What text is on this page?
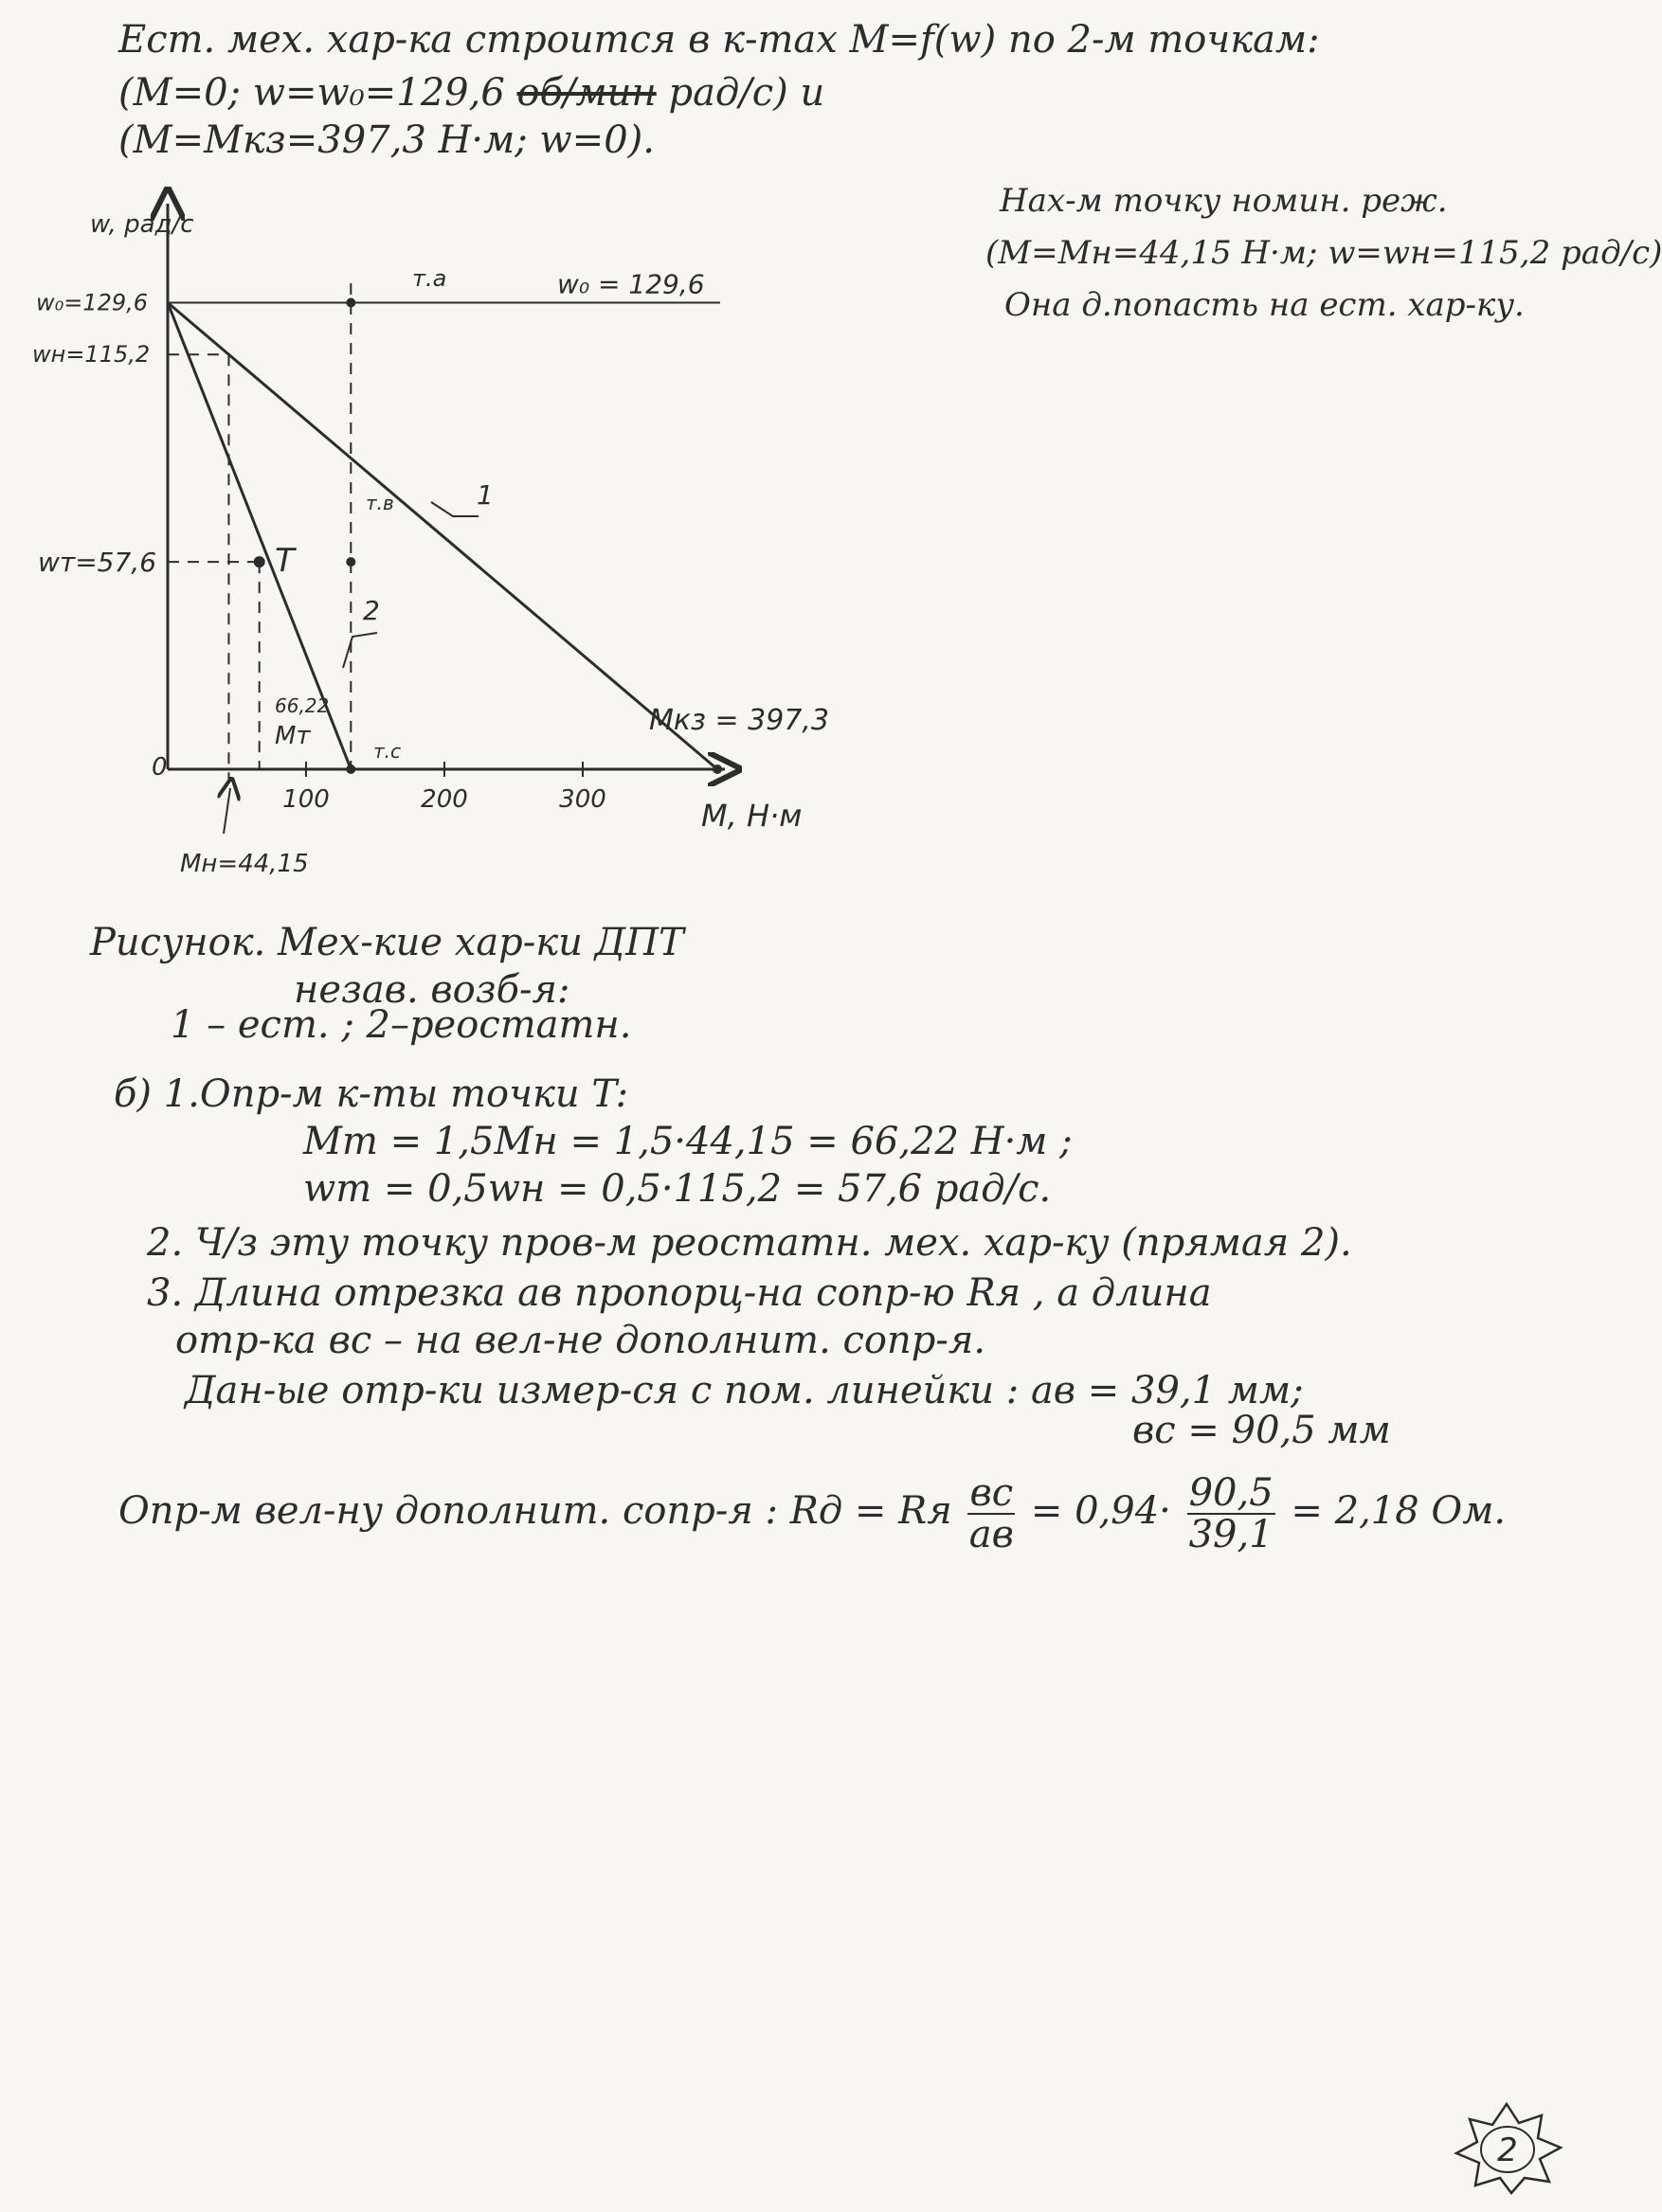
Ест. мех. хар-ка строится в к-тах M=f(w) по 2-м точкам:
(M=0; w=w₀=129,6 об/мин рад/с) и
(M=Mкз=397,3 Н·м; w=0).
Нах-м точку номин. реж.
(M=Mн=44,15 Н·м; w=wн=115,2 рад/с)
Она д.попасть на ест. хар-ку.
100	200	300
w, рад/с
M, Н·м
0
w₀=129,6
wн=115,2
wт=57,6
w₀ = 129,6
Mкз = 397,3
Mн=44,15
66,22
Mт
T
т.а
т.в
т.с
1
2
Рисунок. Мех-кие хар-ки ДПТ
незав. возб-я:
1 – ест. ; 2–реостатн.
б) 1.Опр-м к-ты точки T:
Mт = 1,5Mн = 1,5·44,15 = 66,22 Н·м ;
wт = 0,5wн = 0,5·115,2 = 57,6 рад/с.
2. Ч/з эту точку пров-м реостатн. мех. хар-ку (прямая 2).
3. Длина отрезка ав пропорц-на сопр-ю Rя , а длина
отр-ка вс – на вел-не дополнит. сопр-я.
Дан-ые отр-ки измер-ся с пом. линейки : ав = 39,1 мм;
вс = 90,5 мм
Опр-м вел-ну дополнит. сопр-я : Rд = Rя $\frac{вс}{ав} = 0,94\cdot \frac{90,5}{39,1} = 2,18$ Ом.
2
